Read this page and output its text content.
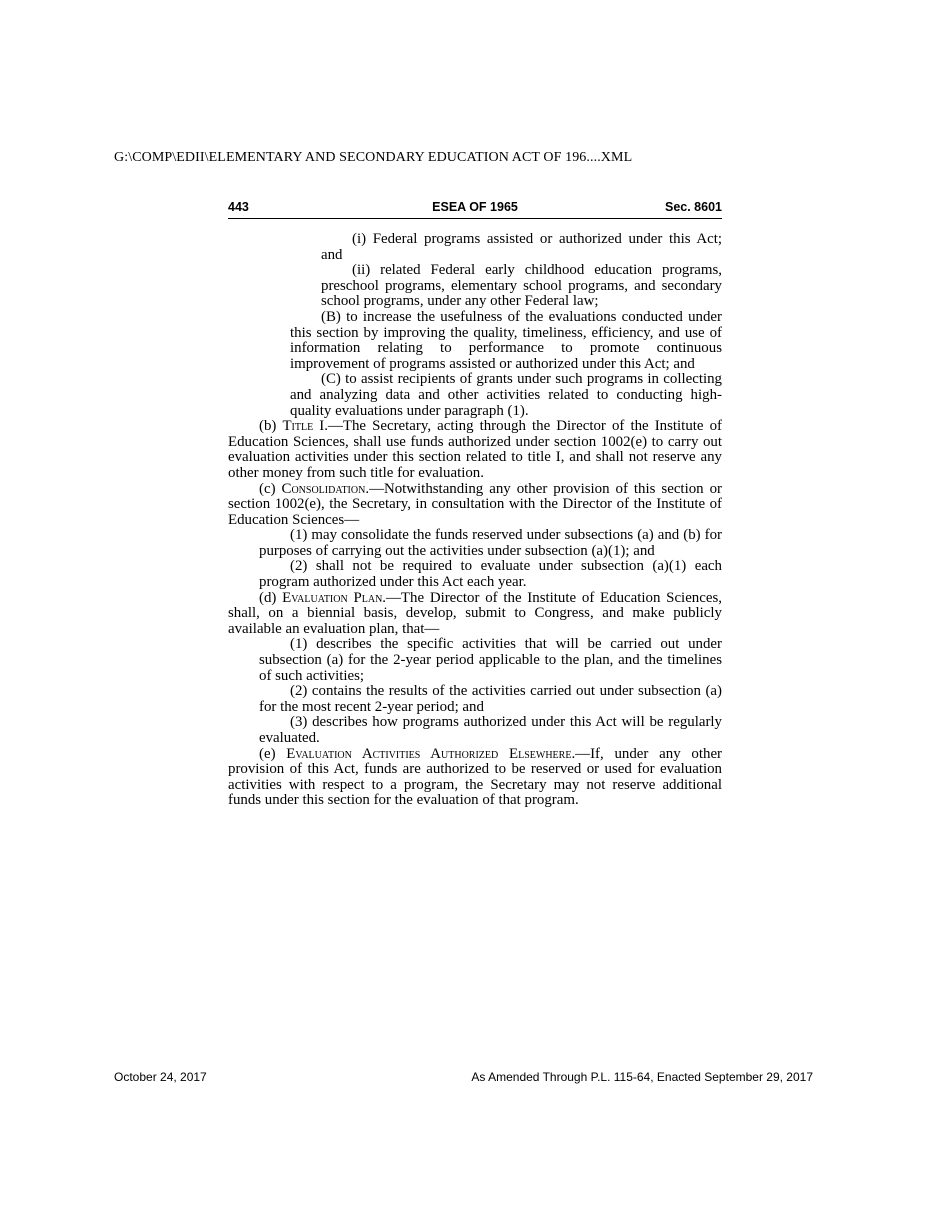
G:\COMP\EDII\ELEMENTARY AND SECONDARY EDUCATION ACT OF 196....XML
443	ESEA OF 1965	Sec. 8601

(i) Federal programs assisted or authorized under this Act; and

(ii) related Federal early childhood education programs, preschool programs, elementary school programs, and secondary school programs, under any other Federal law;

(B) to increase the usefulness of the evaluations conducted under this section by improving the quality, timeliness, efficiency, and use of information relating to performance to promote continuous improvement of programs assisted or authorized under this Act; and

(C) to assist recipients of grants under such programs in collecting and analyzing data and other activities related to conducting high-quality evaluations under paragraph (1).

(b) Title I.—The Secretary, acting through the Director of the Institute of Education Sciences, shall use funds authorized under section 1002(e) to carry out evaluation activities under this section related to title I, and shall not reserve any other money from such title for evaluation.

(c) Consolidation.—Notwithstanding any other provision of this section or section 1002(e), the Secretary, in consultation with the Director of the Institute of Education Sciences—

(1) may consolidate the funds reserved under subsections (a) and (b) for purposes of carrying out the activities under subsection (a)(1); and

(2) shall not be required to evaluate under subsection (a)(1) each program authorized under this Act each year.

(d) Evaluation Plan.—The Director of the Institute of Education Sciences, shall, on a biennial basis, develop, submit to Congress, and make publicly available an evaluation plan, that—

(1) describes the specific activities that will be carried out under subsection (a) for the 2-year period applicable to the plan, and the timelines of such activities;

(2) contains the results of the activities carried out under subsection (a) for the most recent 2-year period; and

(3) describes how programs authorized under this Act will be regularly evaluated.

(e) Evaluation Activities Authorized Elsewhere.—If, under any other provision of this Act, funds are authorized to be reserved or used for evaluation activities with respect to a program, the Secretary may not reserve additional funds under this section for the evaluation of that program.

October 24, 2017	As Amended Through P.L. 115-64, Enacted September 29, 2017
